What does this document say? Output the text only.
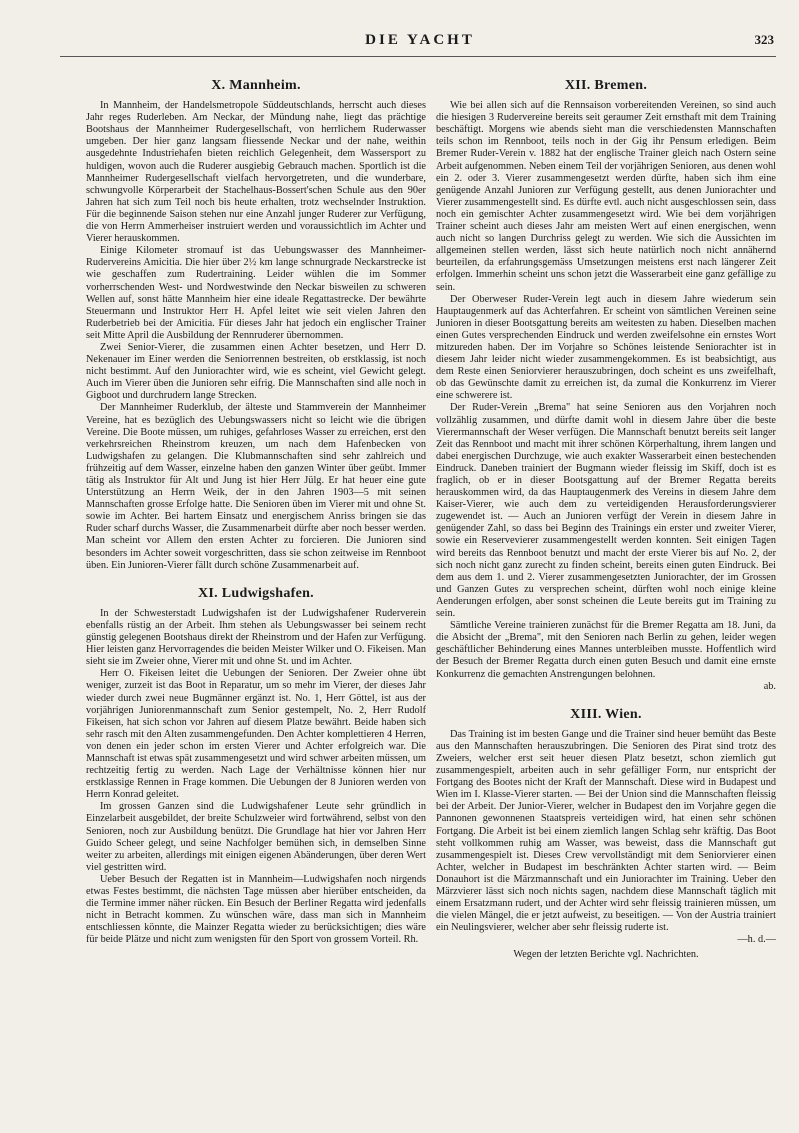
DIE YACHT	323
X. Mannheim.

In Mannheim, der Handelsmetropole Süddeutschlands, herrscht auch dieses Jahr reges Ruderleben. Am Neckar, der Mündung nahe, liegt das prächtige Bootshaus der Mannheimer Rudergesellschaft, von herrlichem Ruderwasser umgeben. Der hier ganz langsam fliessende Neckar und der nahe, weithin ausgedehnte Industriehafen bieten reichlich Gelegenheit, dem Wassersport zu huldigen, wovon auch die Ruderer ausgiebig Gebrauch machen. Sportlich ist die Mannheimer Rudergesellschaft vielfach hervorgetreten, und die wunderbare, schwungvolle Körperarbeit der Stachelhaus-Bossert'schen Schule aus den 90er Jahren hat sich zum Teil noch bis heute erhalten, trotz wechselnder Instruktion. Für die beginnende Saison stehen nur eine Anzahl junger Ruderer zur Verfügung, die von Herrn Ammerheiser instruiert werden und voraussichtlich im Achter und Vierer herauskommen.

Einige Kilometer stromauf ist das Uebungswasser des Mannheimer-Rudervereins Amicitia. Die hier über 2½ km lange schnurgrade Neckarstrecke ist wie geschaffen zum Rudertraining. Leider wühlen die im Sommer vorherrschenden West- und Nordwestwinde den Neckar bisweilen zu schweren Wellen auf, sonst hätte Mannheim hier eine ideale Regattastrecke. Der bewährte Steuermann und Instruktor Herr H. Apfel leitet wie seit vielen Jahren den Ruderbetrieb bei der Amicitia. Für dieses Jahr hat jedoch ein englischer Trainer seit Mitte April die Ausbildung der Rennruderer übernommen.

Zwei Senior-Vierer, die zusammen einen Achter besetzen, und Herr D. Nekenauer im Einer werden die Seniorrennen bestreiten, ob erstklassig, ist noch nicht bestimmt. Auf den Juniorachter wird, wie es scheint, viel Gewicht gelegt. Auch im Vierer üben die Junioren sehr eifrig. Die Mannschaften sind alle noch in Gigboot und durchrudern lange Strecken.

Der Mannheimer Ruderklub, der älteste und Stammverein der Mannheimer Vereine, hat es bezüglich des Uebungswassers nicht so leicht wie die übrigen Vereine. Die Boote müssen, um ruhiges, gefahrloses Wasser zu erreichen, erst den verkehrsreichen Rheinstrom kreuzen, um nach dem Hafenbecken von Ludwigshafen zu gelangen. Die Klubmannschaften sind sehr zahlreich und frühzeitig auf dem Wasser, einzelne haben den ganzen Winter über geübt. Immer tätig als Instruktor für Alt und Jung ist hier Herr Jülg. Er hat heuer eine gute Unterstützung an Herrn Weik, der in den Jahren 1903—5 mit seinen Mannschaften grosse Erfolge hatte. Die Senioren üben im Vierer mit und ohne St. sowie im Achter. Bei hartem Einsatz und energischem Anriss bringen sie das Ruder scharf durchs Wasser, die Zusammenarbeit dürfte aber noch besser werden. Man scheint vor Allem den ersten Achter zu forcieren. Die Junioren sind besonders im Achter soweit vorgeschritten, dass sie schon zeitweise im Rennboot üben. Ein Junioren-Vierer fällt durch schöne Zusammenarbeit auf.

XI. Ludwigshafen.

In der Schwesterstadt Ludwigshafen ist der Ludwigshafener Ruderverein ebenfalls rüstig an der Arbeit. Ihm stehen als Uebungswasser bei seinem recht günstig gelegenen Bootshaus direkt der Rheinstrom und der Hafen zur Verfügung. Hier leisten ganz Hervorragendes die beiden Meister Wilker und O. Fikeisen. Man sieht sie im Zweier ohne, Vierer mit und ohne St. und im Achter.

Herr O. Fikeisen leitet die Uebungen der Senioren. Der Zweier ohne übt weniger, zurzeit ist das Boot in Reparatur, um so mehr im Vierer, der dieses Jahr wieder durch zwei neue Bugmänner ergänzt ist. No. 1, Herr Göttel, ist aus der vorjährigen Juniorenmannschaft zum Senior gestempelt, No. 2, Herr Rudolf Fikeisen, hat sich schon vor Jahren auf diesem Platze bewährt. Beide haben sich sehr rasch mit den Alten zusammengefunden. Den Achter komplettieren 4 Herren, von denen ein jeder schon im ersten Vierer und Achter erfolgreich war. Die Mannschaft ist etwas spät zusammengesetzt und wird schwer arbeiten müssen, um rechtzeitig fertig zu werden. Nach Lage der Verhältnisse können hier nur erstklassige Rennen in Frage kommen. Die Uebungen der 8 Junioren werden von Herrn Konrad geleitet.

Im grossen Ganzen sind die Ludwigshafener Leute sehr gründlich in Einzelarbeit ausgebildet, der breite Schulzweier wird fortwährend, selbst von den Senioren, noch zur Ausbildung benützt. Die Grundlage hat hier vor Jahren Herr Guido Scheer gelegt, und seine Nachfolger bemühen sich, in demselben Sinne weiter zu arbeiten, allerdings mit einigen eigenen Abänderungen, über deren Wert viel gestritten wird.

Ueber Besuch der Regatten ist in Mannheim—Ludwigshafen noch nirgends etwas Festes bestimmt, die nächsten Tage müssen aber hierüber entscheiden, da die Termine immer näher rücken. Ein Besuch der Berliner Regatta wird jedenfalls nicht in Betracht kommen. Zu wünschen wäre, dass man sich in Mannheim entschliessen könnte, die Mainzer Regatta wieder zu berücksichtigen; dies wäre für beide Plätze und nicht zum wenigsten für den Sport von grossem Vorteil. Rh.

XII. Bremen.

Wie bei allen sich auf die Rennsaison vorbereitenden Vereinen, so sind auch die hiesigen 3 Rudervereine bereits seit geraumer Zeit ernsthaft mit dem Training beschäftigt. Morgens wie abends sieht man die verschiedensten Mannschaften teils schon im Rennboot, teils noch in der Gig ihr Pensum erledigen. Beim Bremer Ruder-Verein v. 1882 hat der englische Trainer gleich nach Ostern seine Arbeit aufgenommen. Neben einem Teil der vorjährigen Senioren, aus denen wohl ein 2. oder 3. Vierer zusammengesetzt werden dürfte, haben sich ihm eine genügende Anzahl Junioren zur Verfügung gestellt, aus denen Juniorachter und Vierer zusammengestellt sind. Es dürfte evtl. auch nicht ausgeschlossen sein, dass noch ein gemischter Achter zusammengesetzt wird. Wie bei dem vorjährigen Trainer scheint auch dieses Jahr am meisten Wert auf einen energischen, wenn auch nicht so langen Durchriss gelegt zu werden. Wie sich die Aussichten im allgemeinen stellen werden, lässt sich heute natürlich noch nicht annähernd beurteilen, da erfahrungsgemäss Umsetzungen meistens erst nach längerer Zeit erfolgen. Immerhin scheint uns schon jetzt die Wasserarbeit eine ganz gefällige zu sein.

Der Oberweser Ruder-Verein legt auch in diesem Jahre wiederum sein Hauptaugenmerk auf das Achterfahren. Er scheint von sämtlichen Vereinen seine Junioren in dieser Bootsgattung bereits am weitesten zu haben. Dieselben machen einen Gutes versprechenden Eindruck und werden zweifelsohne ein ernstes Wort mitzureden haben. Der im Vorjahre so Schönes leistende Seniorachter ist in diesem Jahr leider nicht wieder zusammengekommen. Es ist beabsichtigt, aus dem Reste einen Seniorvierer herauszubringen, doch scheint es uns zweifelhaft, ob das Gewünschte damit zu erreichen ist, da zumal die Konkurrenz im Vierer eine schwerere ist.

Der Ruder-Verein „Brema" hat seine Senioren aus den Vorjahren noch vollzählig zusammen, und dürfte damit wohl in diesem Jahre über die beste Vierermannschaft der Weser verfügen. Die Mannschaft benutzt bereits seit langer Zeit das Rennboot und macht mit ihrer schönen Körperhaltung, ihrem langen und dabei energischen Durchzuge, wie auch exakter Wasserarbeit einen bestechenden Eindruck. Daneben trainiert der Bugmann wieder fleissig im Skiff, doch ist es fraglich, ob er in dieser Bootsgattung auf der Bremer Regatta bereits herauskommen wird, da das Hauptaugenmerk des Vereins in diesem Jahre dem Kaiser-Vierer, wie auch dem zu verteidigenden Herausforderungsvierer zugewendet ist. — Auch an Junioren verfügt der Verein in diesem Jahre in genügender Zahl, so dass bei Beginn des Trainings ein erster und zweiter Vierer, sowie ein Reservevierer zusammengestellt werden konnten. Seit einigen Tagen wird bereits das Rennboot benutzt und macht der erste Vierer bis auf No. 2, der sich noch nicht ganz zurecht zu finden scheint, bereits einen guten Eindruck. Bei dem aus dem 1. und 2. Vierer zusammengesetzten Juniorachter, der im Grossen und Ganzen Gutes zu versprechen scheint, dürften wohl noch einige kleine Aenderungen erfolgen, aber sonst scheinen die Leute bereits gut im Training zu sein.

Sämtliche Vereine trainieren zunächst für die Bremer Regatta am 18. Juni, da die Absicht der „Brema", mit den Senioren nach Berlin zu gehen, leider wegen geschäftlicher Behinderung eines Mannes unterbleiben musste. Hoffentlich wird der Besuch der Bremer Regatta durch einen guten Besuch und damit eine ernste Konkurrenz die gemachten Anstrengungen belohnen.

ab.

XIII. Wien.

Das Training ist im besten Gange und die Trainer sind heuer bemüht das Beste aus den Mannschaften herauszubringen. Die Senioren des Pirat sind trotz des Zweiers, welcher erst seit heuer diesen Platz besetzt, schon ziemlich gut zusammengespielt, arbeiten auch in sehr gefälliger Form, nur entspricht der Fortgang des Bootes nicht der Kraft der Mannschaft. Diese wird in Budapest und Wien im I. Klasse-Vierer starten. — Bei der Union sind die Mannschaften fleissig bei der Arbeit. Der Junior-Vierer, welcher in Budapest den im Vorjahre gegen die Pannonen gewonnenen Staatspreis verteidigen wird, hat einen sehr schönen Fortgang. Die Arbeit ist bei einem ziemlich langen Schlag sehr kräftig. Das Boot steht vollkommen ruhig am Wasser, was beweist, dass die Mannschaft gut zusammengespielt ist. Dieses Crew vervollständigt mit dem Seniorvierer einen Achter, welcher in Budapest im beschränkten Achter starten wird. — Beim Donauhort ist die Märzmannschaft und ein Juniorachter im Training. Ueber den Märzvierer lässt sich noch nichts sagen, nachdem diese Mannschaft täglich mit einem Ersatzmann rudert, und der Achter wird sehr fleissig trainieren müssen, um die vielen Mängel, die er jetzt aufweist, zu beseitigen. — Von der Austria trainiert ein Neulingsvierer, welcher aber sehr fleissig ruderte ist.

—h. d.—

Wegen der letzten Berichte vgl. Nachrichten.
